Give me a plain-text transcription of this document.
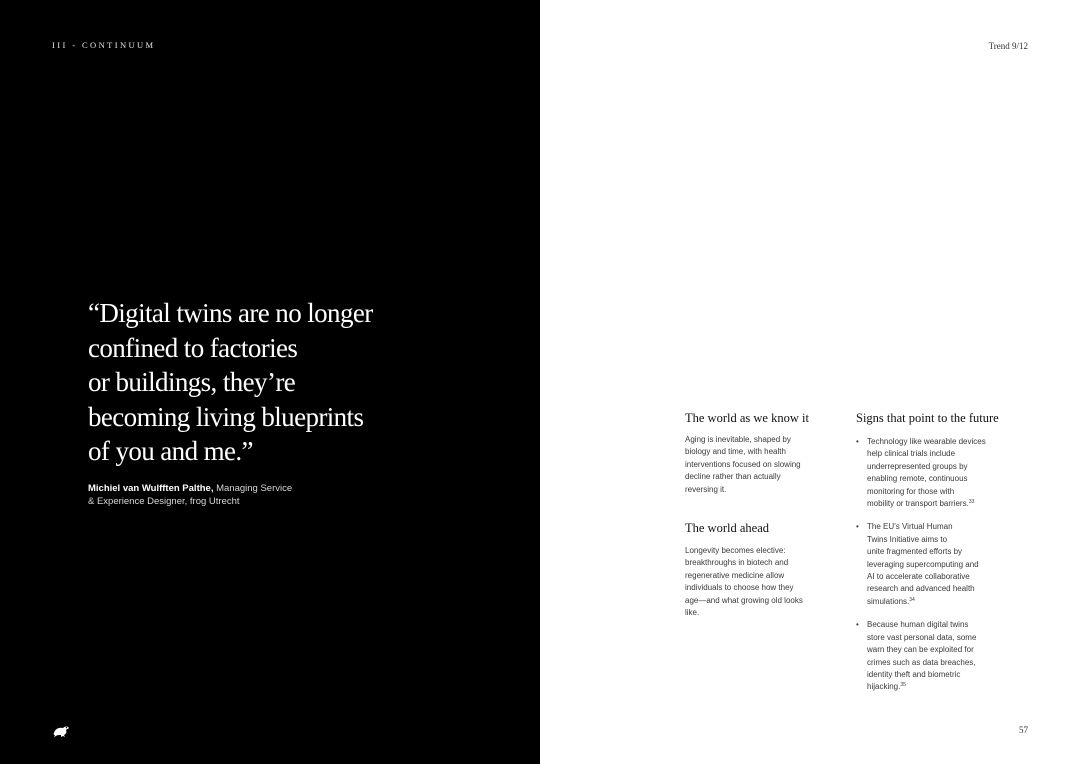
III - CONTINUUM

“Digital twins are no longer
confined to factories
or buildings, they’re
becoming living blueprints
of you and me.”

Michiel van Wulfften Palthe, Managing Service
& Experience Designer, frog Utrecht
Trend 9/12
The world as we know it

Aging is inevitable, shaped by
biology and time, with health
interventions focused on slowing
decline rather than actually
reversing it.

The world ahead

Longevity becomes elective:
breakthroughs in biotech and
regenerative medicine allow
individuals to choose how they
age—and what growing old looks
like.

Signs that point to the future
• Technology like wearable devices
help clinical trials include
underrepresented groups by
enabling remote, continuous
monitoring for those with
mobility or transport barriers.$^{33}$
• The EU’s Virtual Human
Twins Initiative aims to
unite fragmented efforts by
leveraging supercomputing and
AI to accelerate collaborative
research and advanced health
simulations.$^{34}$
• Because human digital twins
store vast personal data, some
warn they can be exploited for
crimes such as data breaches,
identity theft and biometric
hijacking.$^{35}$
57
